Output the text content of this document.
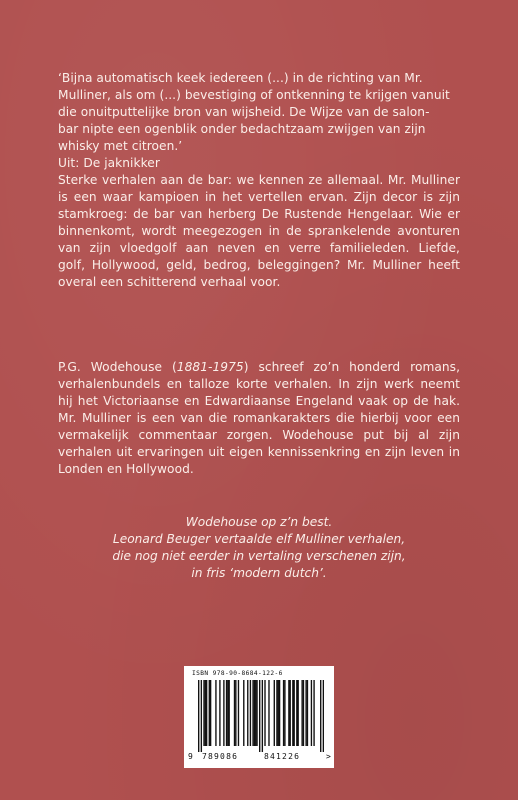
‘Bijna automatisch keek iedereen (...) in de richting van Mr.
Mulliner, als om (...) bevestiging of ontkenning te krijgen vanuit
die onuitputtelijke bron van wijsheid. De Wijze van de salon-
bar nipte een ogenblik onder bedachtzaam zwijgen van zijn
whisky met citroen.’
Uit: De jaknikker
Sterke verhalen aan de bar: we kennen ze allemaal. Mr. Mulliner
is een waar kampioen in het vertellen ervan. Zijn decor is zijn
stamkroeg: de bar van herberg De Rustende Hengelaar. Wie er
binnenkomt, wordt meegezogen in de sprankelende avonturen
van zijn vloedgolf aan neven en verre familieleden. Liefde,
golf, Hollywood, geld, bedrog, beleggingen? Mr. Mulliner heeft
overal een schitterend verhaal voor.
P.G. Wodehouse (1881-1975) schreef zo’n honderd romans,
verhalenbundels en talloze korte verhalen. In zijn werk neemt
hij het Victoriaanse en Edwardiaanse Engeland vaak op de hak.
Mr. Mulliner is een van die romankarakters die hierbij voor een
vermakelijk commentaar zorgen. Wodehouse put bij al zijn
verhalen uit ervaringen uit eigen kennissenkring en zijn leven in
Londen en Hollywood.
Wodehouse op z’n best.
Leonard Beuger vertaalde elf Mulliner verhalen,
die nog niet eerder in vertaling verschenen zijn,
in fris ‘modern dutch’.
ISBN 978-90-8684-122-6
9 789086	841226	>
